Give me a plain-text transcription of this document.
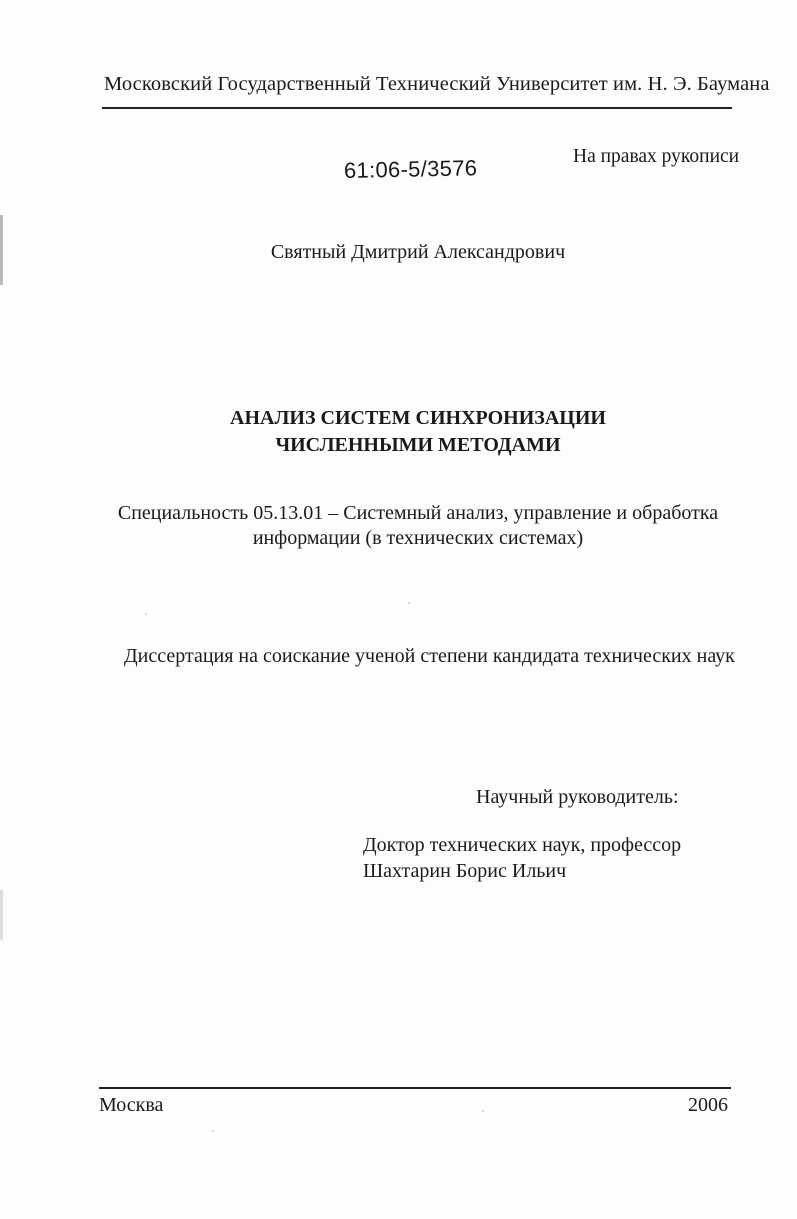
Московский Государственный Технический Университет им. Н. Э. Баумана
61:06-5/3576	На правах рукописи
Святный Дмитрий Александрович
АНАЛИЗ СИСТЕМ СИНХРОНИЗАЦИИ
ЧИСЛЕННЫМИ МЕТОДАМИ
Специальность 05.13.01 – Системный анализ, управление и обработка
информации (в технических системах)
Диссертация на соискание ученой степени кандидата технических наук
Научный руководитель:
Доктор технических наук, профессор
Шахтарин Борис Ильич
Москва	2006
